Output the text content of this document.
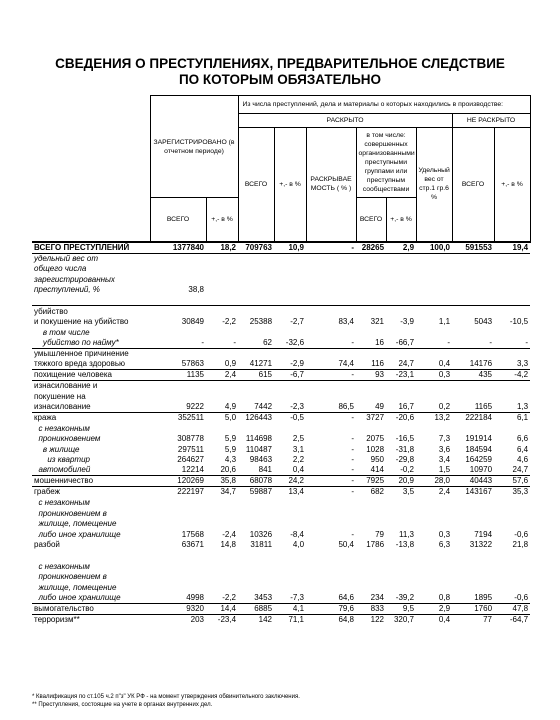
СВЕДЕНИЯ О ПРЕСТУПЛЕНИЯХ, ПРЕДВАРИТЕЛЬНОЕ СЛЕДСТВИЕ
ПО КОТОРЫМ ОБЯЗАТЕЛЬНО
	ЗАРЕГИСТРИРОВАНО (в отчетном периоде)		Из числа преступлений, дела и материалы о которых находились в производстве:							
			РАСКРЫТО						НЕ РАСКРЫТО	
			ВСЕГО	+,- в %	РАСКРЫВАЕ МОСТЬ ( % )	в том числе: совершенных организованными преступными группами или преступным сообществами		Удельный вес от стр.1 гр.6 %	ВСЕГО	+,- в %
	ВСЕГО	+,- в %				ВСЕГО	+,- в %			
ВСЕГО ПРЕСТУПЛЕНИЙ	1377840	18,2	709763	10,9	-	28265	2,9	100,0	591553	19,4
удельный вес от										
общего числа										
зарегистрированных										
преступлений, %	38,8									

убийство										
и покушение на убийство	30849	-2,2	25388	-2,7	83,4	321	-3,9	1,1	5043	-10,5
в том числе										
убийство по найму*	-	-	62	-32,6	-	16	-66,7	-	-	-
умышленное причинение										
тяжкого вреда здоровью	57863	0,9	41271	-2,9	74,4	116	24,7	0,4	14176	3,3
похищение человека	1135	2,4	615	-6,7	-	93	-23,1	0,3	435	-4,2
изнасилование и										
покушение на										
изнасилование	9222	4,9	7442	-2,3	86,5	49	16,7	0,2	1165	1,3
кража	352511	5,0	126443	-0,5	-	3727	-20,6	13,2	222184	6,1
с незаконным										
проникновением	308778	5,9	114698	2,5	-	2075	-16,5	7,3	191914	6,6
в жилище	297511	5,9	110487	3,1	-	1028	-31,8	3,6	184594	6,4
из квартир	264627	4,3	98463	2,2	-	950	-29,8	3,4	164259	4,6
автомобилей	12214	20,6	841	0,4	-	414	-0,2	1,5	10970	24,7
мошенничество	120269	35,8	68078	24,2	-	7925	20,9	28,0	40443	57,6
грабеж	222197	34,7	59887	13,4	-	682	3,5	2,4	143167	35,3
с незаконным										
проникновением в										
жилище, помещение										
либо иное хранилище	17568	-2,4	10326	-8,4	-	79	11,3	0,3	7194	-0,6
разбой	63671	14,8	31811	4,0	50,4	1786	-13,8	6,3	31322	21,8

с незаконным										
проникновением в										
жилище, помещение										
либо иное хранилище	4998	-2,2	3453	-7,3	64,6	234	-39,2	0,8	1895	-0,6
вымогательство	9320	14,4	6885	4,1	79,6	833	9,5	2,9	1760	47,8
терроризм**	203	-23,4	142	71,1	64,8	122	320,7	0,4	77	-64,7
* Квалификация по ст.105 ч.2 п"з" УК РФ - на момент утверждения обвинительного заключения.
** Преступления, состоящие на учете в органах внутренних дел.
